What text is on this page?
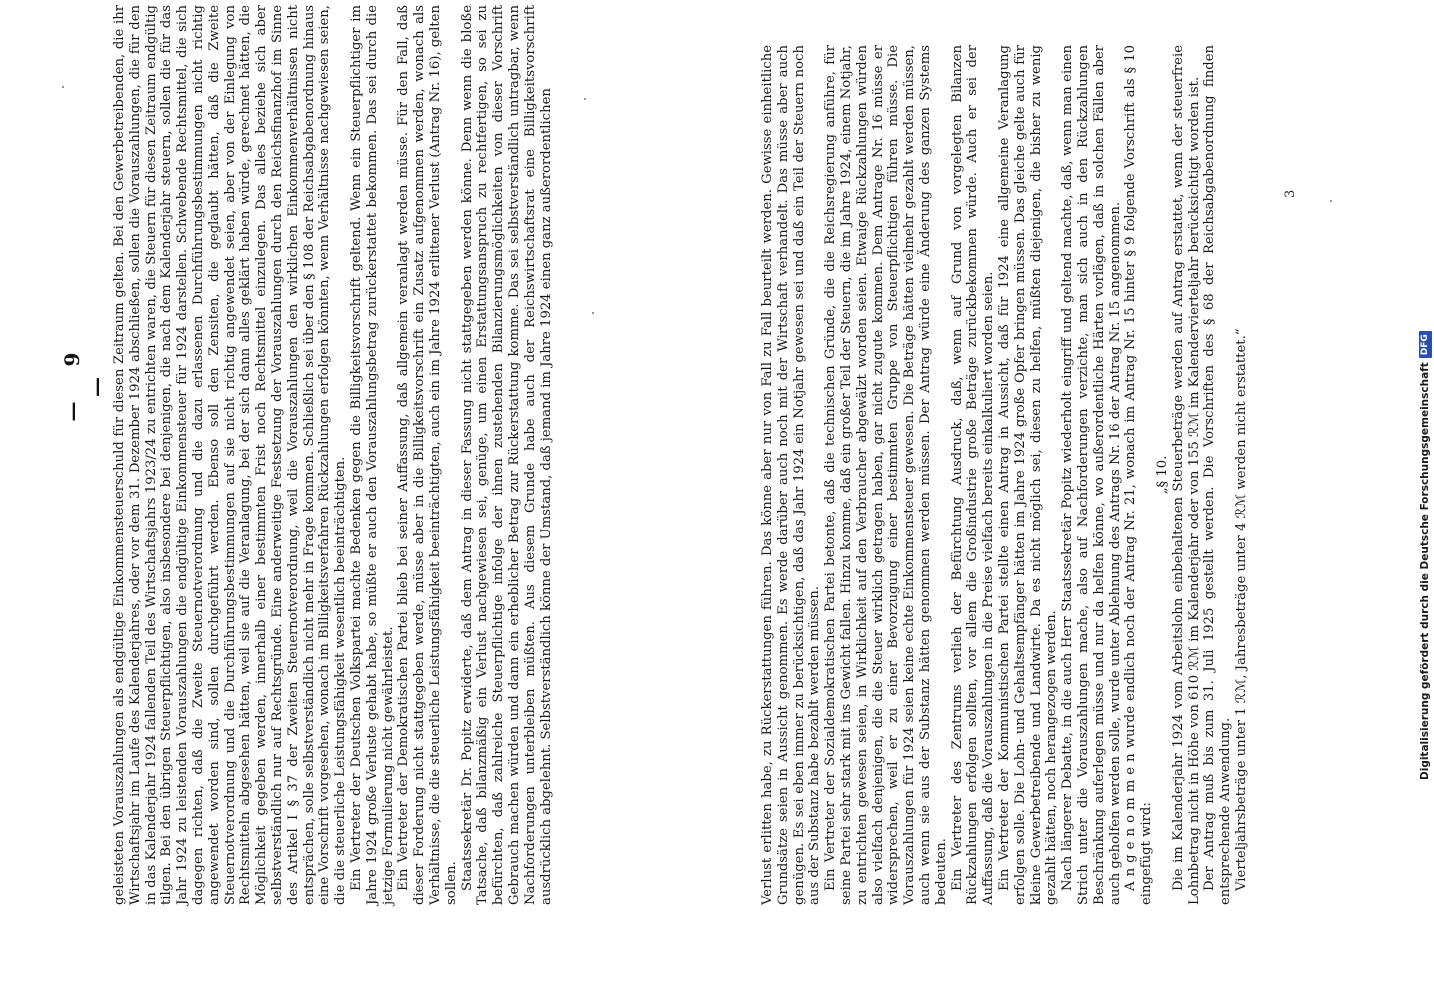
— 9 — geleisteten Vorauszahlungen als endgültige Einkommensteuerschuld für diesen Zeitraum gelten. Bei den Gewerbetreibenden, die ihr Wirtschaftsjahr im Laufe des Kalenderjahres, oder vor dem 31. Dezember 1924 abschließen, sollen die Vorauszahlungen, die für den in das Kalenderjahr 1924 fallenden Teil des Wirtschaftsjahrs 1923/24 zu entrichten waren, die Steuern für diesen Zeitraum endgültig tilgen. Bei den übrigen Steuerpflichtigen, also insbesondere bei denjenigen, die nach dem Kalenderjahr steuern, sollen die für das Jahr 1924 zu leistenden Vorauszahlungen die endgültige Einkommensteuer für 1924 darstellen. Schwebende Rechtsmittel, die sich dagegen richten, daß die Zweite Steuernotverordnung und die dazu erlassenen Durchführungsbestimmungen nicht richtig angewendet worden sind, sollen durchgeführt werden. Ebenso soll den Zensiten, die geglaubt hätten, daß die Zweite Steuernotverordnung und die Durchführungsbestimmungen auf sie nicht richtig angewendet seien, aber von der Einlegung von Rechtsmitteln abgesehen hätten, weil sie auf die Veranlagung, bei der sich dann alles geklärt haben würde, gerechnet hätten, die Möglichkeit gegeben werden, innerhalb einer bestimmten Frist noch Rechtsmittel einzulegen. Das alles beziehe sich aber selbstverständlich nur auf Rechtsgründe. Eine anderweitige Festsetzung der Vorauszahlungen durch den Reichsfinanzhof im Sinne des Artikel I § 37 der Zweiten Steuernotverordnung, weil die Vorauszahlungen den wirklichen Einkommenverhältnissen nicht entsprächen, solle selbstverständlich nicht mehr in Frage kommen. Schließlich sei über den § 108 der Reichsabgabenordnung hinaus eine Vorschrift vorgesehen, wonach im Billigkeitsverfahren Rückzahlungen erfolgen könnten, wenn Verhältnisse nachgewiesen seien, die die steuerliche Leistungsfähigkeit wesentlich beeinträchtigten. Ein Vertreter der Deutschen Volkspartei machte Bedenken gegen die Billigkeitsvorschrift geltend. Wenn ein Steuerpflichtiger im Jahre 1924 große Verluste gehabt habe, so müßte er auch den Vorauszahlungsbetrag zurückerstattet bekommen. Das sei durch die jetzige Formulierung nicht gewährleistet. Ein Vertreter der Demokratischen Partei blieb bei seiner Auffassung, daß allgemein veranlagt werden müsse. Für den Fall, daß dieser Forderung nicht stattgegeben werde, müsse aber in die Billigkeitsvorschrift ein Zusatz aufgenommen werden, wonach als Verhältnisse, die die steuerliche Leistungsfähigkeit beeinträchtigten, auch ein im Jahre 1924 erlittener Verlust (Antrag Nr. 16), gelten sollen. Staatssekretär Dr. Popitz erwiderte, daß dem Antrag in dieser Fassung nicht stattgegeben werden könne. Denn wenn die bloße Tatsache, daß bilanzmäßig ein Verlust nachgewiesen sei, genüge, um einen Erstattungsanspruch zu rechtfertigen, so sei zu befürchten, daß zahlreiche Steuerpflichtige infolge der ihnen zustehenden Bilanzierungsmöglichkeiten von dieser Vorschrift Gebrauch machen würden und dann ein erheblicher Betrag zur Rückerstattung komme. Das sei selbstverständlich untragbar, wenn Nachforderungen unterbleiben müßten. Aus diesem Grunde habe auch der Reichswirtschaftsrat eine Billigkeitsvorschrift ausdrücklich abgelehnt. Selbstverständlich könne der Umstand, daß jemand im Jahre 1924 einen ganz außerordentlichen	Verlust erlitten habe, zu Rückerstattungen führen. Das könne aber nur von Fall zu Fall beurteilt werden. Gewisse einheitliche Grundsätze seien in Aussicht genommen. Es werde darüber auch noch mit der Wirtschaft verhandelt. Das müsse aber auch genügen. Es sei eben immer zu berücksichtigen, daß das Jahr 1924 ein Notjahr gewesen sei und daß ein Teil der Steuern noch aus der Substanz habe bezahlt werden müssen. Ein Vertreter der Sozialdemokratischen Partei betonte, daß die technischen Gründe, die die Reichsregierung anführe, für seine Partei sehr stark mit ins Gewicht fallen. Hinzu komme, daß ein großer Teil der Steuern, die im Jahre 1924, einem Notjahr, zu entrichten gewesen seien, in Wirklichkeit auf den Verbraucher abgewälzt worden seien. Etwaige Rückzahlungen würden also vielfach denjenigen, die die Steuer wirklich getragen haben, gar nicht zugute kommen. Dem Antrage Nr. 16 müsse er widersprechen, weil er zu einer Bevorzugung einer bestimmten Gruppe von Steuerpflichtigen führen müsse. Die Vorauszahlungen für 1924 seien keine echte Einkommensteuer gewesen. Die Beträge hätten vielmehr gezahlt werden müssen, auch wenn sie aus der Substanz hätten genommen werden müssen. Der Antrag würde eine Änderung des ganzen Systems bedeuten. Ein Vertreter des Zentrums verlieh der Befürchtung Ausdruck, daß, wenn auf Grund von vorgelegten Bilanzen Rückzahlungen erfolgen sollten, vor allem die Großindustrie große Beträge zurückbekommen würde. Auch er sei der Auffassung, daß die Vorauszahlungen in die Preise vielfach bereits einkalkuliert worden seien. Ein Vertreter der Kommunistischen Partei stellte einen Antrag in Aussicht, daß für 1924 eine allgemeine Veranlagung erfolgen solle. Die Lohn- und Gehaltsempfänger hätten im Jahre 1924 große Opfer bringen müssen. Das gleiche gelte auch für kleine Gewerbetreibende und Landwirte. Da es nicht möglich sei, diesen zu helfen, müßten diejenigen, die bisher zu wenig gezahlt hätten, noch herangezogen werden. Nach längerer Debatte, in die auch Herr Staatssekretär Popitz wiederholt eingriff und geltend machte, daß, wenn man einen Strich unter die Vorauszahlungen mache, also auf Nachforderungen verzichte, man sich auch in den Rückzahlungen Beschränkung auferlegen müsse und nur da helfen könne, wo außerordentliche Härten vorlägen, daß in solchen Fällen aber auch geholfen werden solle, wurde unter Ablehnung des Antrags Nr. 16 der Antrag Nr. 15 angenommen. A n g e n o m m e n wurde endlich noch der Antrag Nr. 21, wonach im Antrag Nr. 15 hinter § 9 folgende Vorschrift als § 10 eingefügt wird:

„§ 10. Die im Kalenderjahr 1924 vom Arbeitslohn einbehaltenen Steuerbeträge werden auf Antrag erstattet, wenn der steuerfreie Lohnbetrag nicht in Höhe von 610 ℛℳ im Kalenderjahr oder von 155 ℛℳ im Kalendervierteljahr berücksichtigt worden ist. Der Antrag muß bis zum 31. Juli 1925 gestellt werden. Die Vorschriften des § 68 der Reichsabgabenordnung finden entsprechende Anwendung. Vierteljahrsbeträge unter 1 ℛℳ, Jahresbeträge unter 4 ℛℳ werden nicht erstattet.“

3
Digitalisierung gefördert durch die Deutsche Forschungsgemeinschaft
DFG
